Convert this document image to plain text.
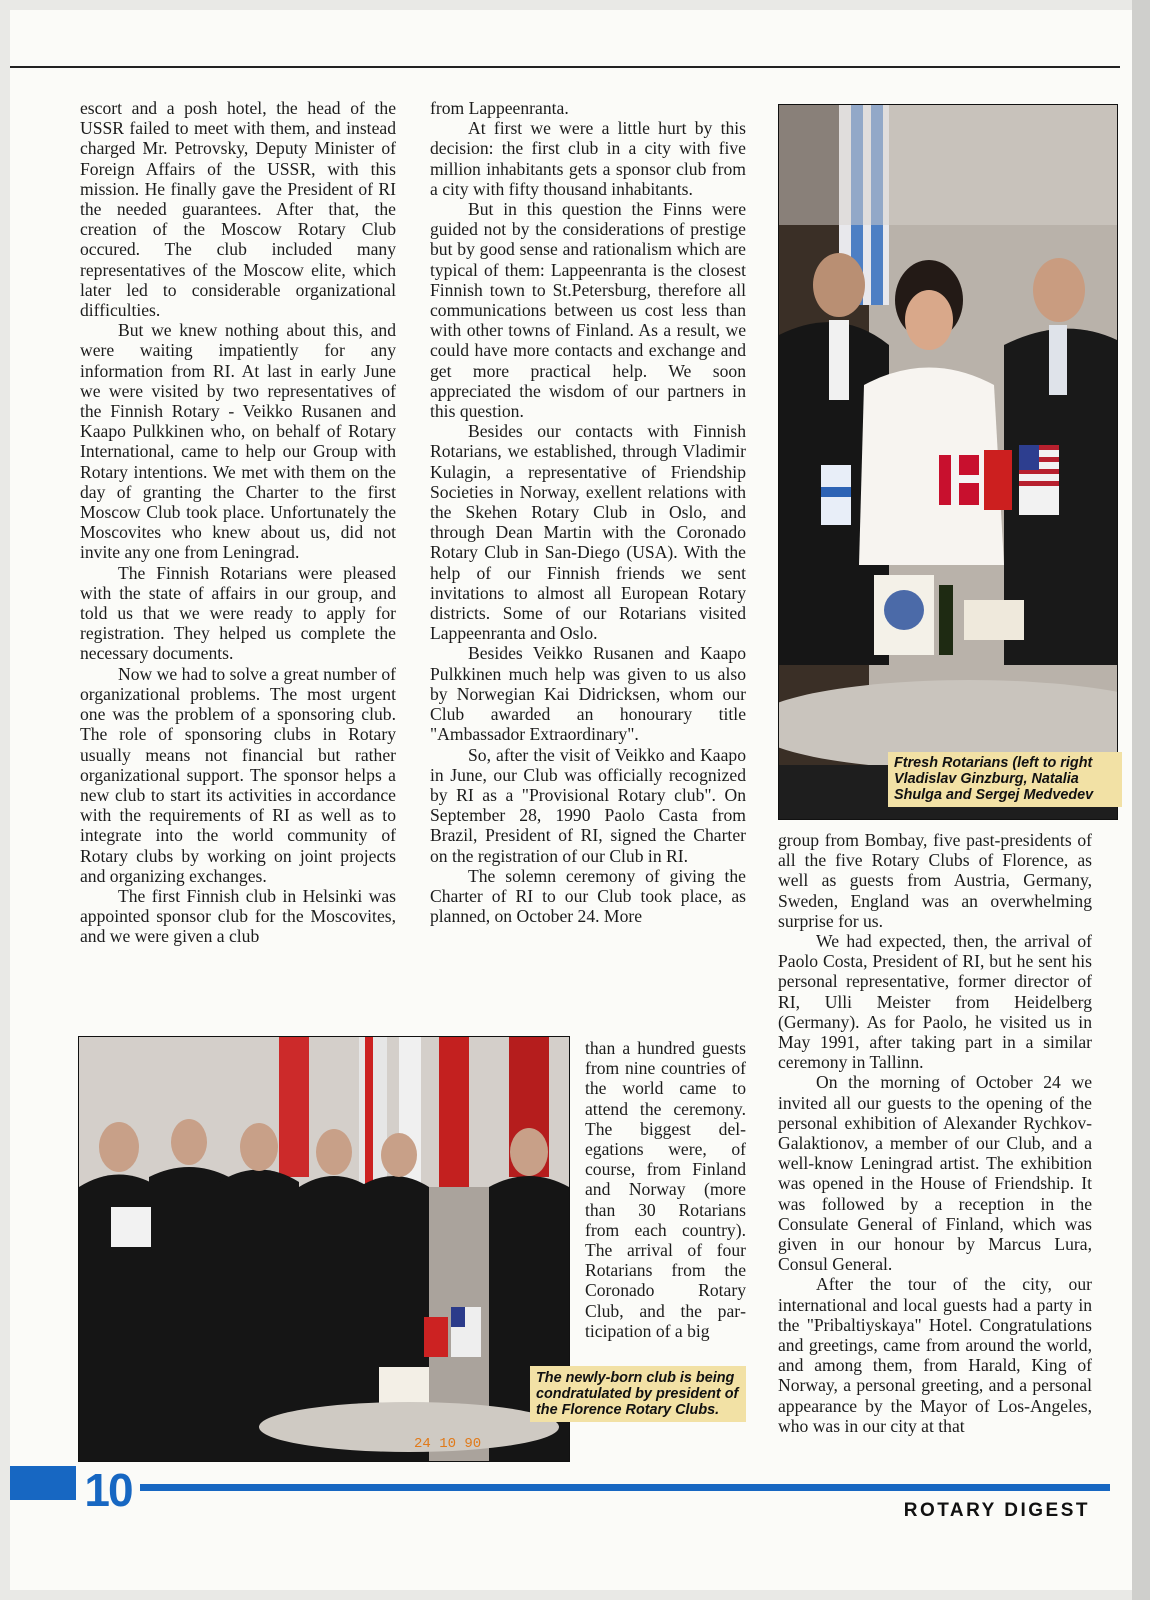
escort and a posh hotel, the head of the USSR failed to meet with them, and instead charged Mr. Petrovsky, Deputy Minister of Foreign Affairs of the USSR, with this mission. He finally gave the President of RI the needed guarantees. After that, the creation of the Moscow Rotary Club occured. The club included many representatives of the Moscow elite, which later led to considerable organizational difficulties.

But we knew nothing about this, and were waiting impatiently for any information from RI. At last in early June we were visited by two representatives of the Finnish Rotary - Veikko Rusanen and Kaapo Pulkkinen who, on behalf of Rotary International, came to help our Group with Rotary intentions. We met with them on the day of granting the Charter to the first Moscow Club took place. Unfortunately the Moscovites who knew about us, did not invite any one from Leningrad.

The Finnish Rotarians were pleased with the state of affairs in our group, and told us that we were ready to apply for registration. They helped us complete the necessary documents.

Now we had to solve a great number of organizational problems. The most urgent one was the problem of a sponsoring club. The role of sponsoring clubs in Rotary usually means not financial but rather organizational support. The sponsor helps a new club to start its activities in accordance with the requirements of RI as well as to integrate into the world community of Rotary clubs by working on joint projects and organizing exchanges.

The first Finnish club in Helsinki was appointed sponsor club for the Moscovites, and we were given a club

from Lappeenranta.

At first we were a little hurt by this decision: the first club in a city with five million inhabitants gets a sponsor club from a city with fifty thousand inhabitants.

But in this question the Finns were guided not by the considerations of prestige but by good sense and rationalism which are typical of them: Lappeenranta is the closest Finnish town to St.Petersburg, therefore all communications between us cost less than with other towns of Finland. As a result, we could have more contacts and exchange and get more practical help. We soon appreciated the wisdom of our partners in this question.

Besides our contacts with Finnish Rotarians, we established, through Vladimir Kulagin, a representative of Friendship Societies in Norway, exellent relations with the Skehen Rotary Club in Oslo, and through Dean Martin with the Coronado Rotary Club in San-Diego (USA). With the help of our Finnish friends we sent invitations to almost all European Rotary districts. Some of our Rotarians visited Lappeenranta and Oslo.

Besides Veikko Rusanen and Kaapo Pulkkinen much help was given to us also by Norwegian Kai Didricksen, whom our Club awarded an honourary title "Ambassador Extraordinary".

So, after the visit of Veikko and Kaapo in June, our Club was officially recognized by RI as a "Provisional Rotary club". On September 28, 1990 Paolo Casta from Brazil, President of RI, signed the Charter on the registration of our Club in RI.

The solemn ceremony of giving the Charter of RI to our Club took place, as planned, on October 24. More

than a hundred guests from nine countries of the world came to attend the ceremony. The biggest delegations were, of course, from Finland and Norway (more than 30 Rotarians from each country). The arrival of four Rotarians from the Coronado Rotary Club, and the participation of a big

group from Bombay, five past-presidents of all the five Rotary Clubs of Florence, as well as guests from Austria, Germany, Sweden, England was an overwhelming surprise for us.

We had expected, then, the arrival of Paolo Costa, President of RI, but he sent his personal representative, former director of RI, Ulli Meister from Heidelberg (Germany). As for Paolo, he visited us in May 1991, after taking part in a similar ceremony in Tallinn.

On the morning of October 24 we invited all our guests to the opening of the personal exhibition of Alexander Rychkov-Galaktionov, a member of our Club, and a well-know Leningrad artist. The exhibition was opened in the House of Friendship. It was followed by a reception in the Consulate General of Finland, which was given in our honour by Marcus Lura, Consul General.

After the tour of the city, our international and local guests had a party in the "Pribaltiyskaya" Hotel. Congratulations and greetings, came from around the world, and among them, from Harald, King of Norway, a personal greeting, and a personal appearance by the Mayor of Los-Angeles, who was in our city at that

Ftresh Rotarians (left to right Vladislav Ginzburg, Natalia Shulga and Sergej Medvedev
24 10 90
The newly-born club is being condratulated by president of the Florence Rotary Clubs.
10	ROTARY DIGEST
